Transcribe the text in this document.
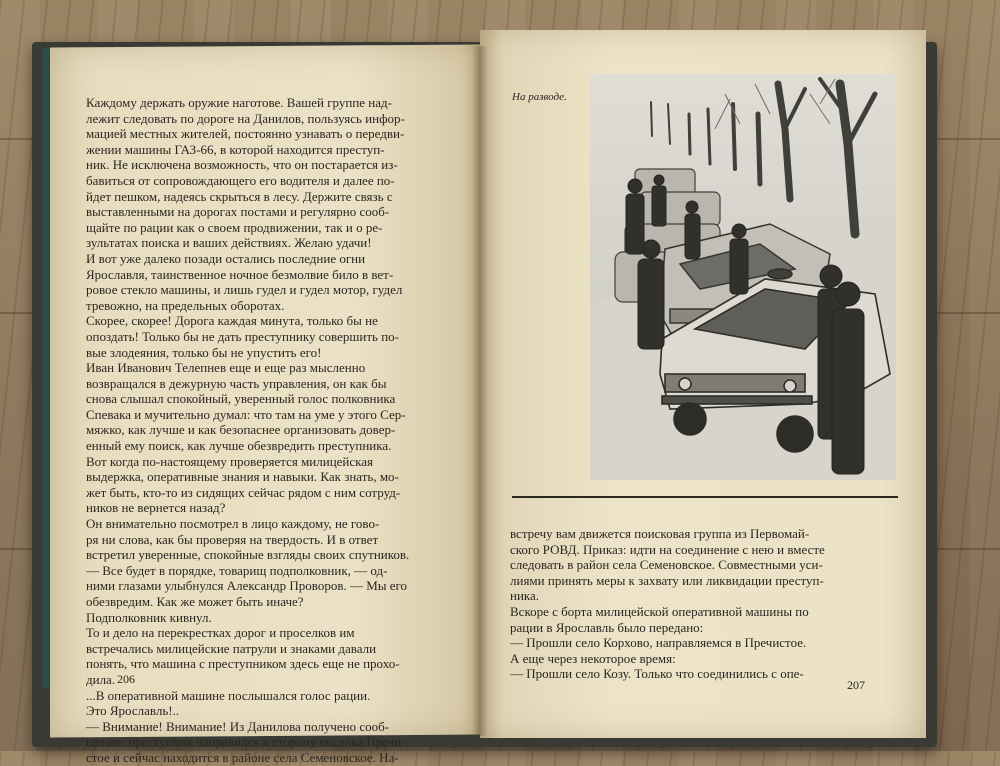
Каждому держать оружие наготове. Вашей группе над-
лежит следовать по дороге на Данилов, пользуясь инфор-
мацией местных жителей, постоянно узнавать о передви-
жении машины ГАЗ-66, в которой находится преступ-
ник. Не исключена возможность, что он постарается из-
бавиться от сопровождающего его водителя и далее по-
йдет пешком, надеясь скрыться в лесу. Держите связь с
выставленными на дорогах постами и регулярно сооб-
щайте по рации как о своем продвижении, так и о ре-
зультатах поиска и ваших действиях. Желаю удачи!
И вот уже далеко позади остались последние огни
Ярославля, таинственное ночное безмолвие било в вет-
ровое стекло машины, и лишь гудел и гудел мотор, гудел
тревожно, на предельных оборотах.
Скорее, скорее! Дорога каждая минута, только бы не
опоздать! Только бы не дать преступнику совершить по-
вые злодеяния, только бы не упустить его!
Иван Иванович Телепнев еще и еще раз мысленно
возвращался в дежурную часть управления, он как бы
снова слышал спокойный, уверенный голос полковника
Спевака и мучительно думал: что там на уме у этого Сер-
мяжко, как лучше и как безопаснее организовать довер-
енный ему поиск, как лучше обезвредить преступника.
Вот когда по-настоящему проверяется милицейская
выдержка, оперативные знания и навыки. Как знать, мо-
жет быть, кто-то из сидящих сейчас рядом с ним сотруд-
ников не вернется назад?
Он внимательно посмотрел в лицо каждому, не гово-
ря ни слова, как бы проверяя на твердость. И в ответ
встретил уверенные, спокойные взгляды своих спутников.
— Все будет в порядке, товарищ подполковник, — од-
ними глазами улыбнулся Александр Проворов. — Мы его
обезвредим. Как же может быть иначе?
Подполковник кивнул.
То и дело на перекрестках дорог и проселков им
встречались милицейские патрули и знаками давали
понять, что машина с преступником здесь еще не прохо-
дила.
...В оперативной машине послышался голос рации.
Это Ярославль!..
— Внимание! Внимание! Из Данилова получено сооб-
щение: преступник направился в сторону поселка Пречи-
стое и сейчас находится в районе села Семеновское. На-
206
На разводе.
встречу вам движется поисковая группа из Первомай-
ского РОВД. Приказ: идти на соединение с нею и вместе
следовать в район села Семеновское. Совместными уси-
лиями принять меры к захвату или ликвидации преступ-
ника.
Вскоре с борта милицейской оперативной машины по
рации в Ярославль было передано:
— Прошли село Корхово, направляемся в Пречистое.
А еще через некоторое время:
— Прошли село Козу. Только что соединились с опе-
207
